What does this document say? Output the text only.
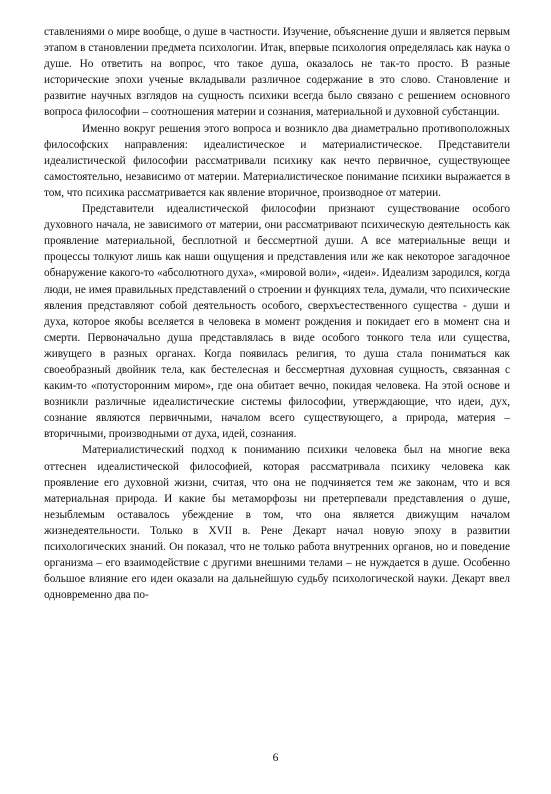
ставлениями о мире вообще, о душе в частности. Изучение, объяснение души и является первым этапом в становлении предмета психологии. Итак, впервые психология определялась как наука о душе. Но ответить на вопрос, что такое душа, оказалось не так-то просто. В разные исторические эпохи ученые вкладывали различное содержание в это слово. Становление и развитие научных взглядов на сущность психики всегда было связано с решением основного вопроса философии – соотношения материи и сознания, материальной и духовной субстанции.

Именно вокруг решения этого вопроса и возникло два диаметрально противоположных философских направления: идеалистическое и материалистическое. Представители идеалистической философии рассматривали психику как нечто первичное, существующее самостоятельно, независимо от материи. Материалистическое понимание психики выражается в том, что психика рассматривается как явление вторичное, производное от материи.

Представители идеалистической философии признают существование особого духовного начала, не зависимого от материи, они рассматривают психическую деятельность как проявление материальной, бесплотной и бессмертной души. А все материальные вещи и процессы толкуют лишь как наши ощущения и представления или же как некоторое загадочное обнаружение какого-то «абсолютного духа», «мировой воли», «идеи». Идеализм зародился, когда люди, не имея правильных представлений о строении и функциях тела, думали, что психические явления представляют собой деятельность особого, сверхъестественного существа - души и духа, которое якобы вселяется в человека в момент рождения и покидает его в момент сна и смерти. Первоначально душа представлялась в виде особого тонкого тела или существа, живущего в разных органах. Когда появилась религия, то душа стала пониматься как своеобразный двойник тела, как бестелесная и бессмертная духовная сущность, связанная с каким-то «потусторонним миром», где она обитает вечно, покидая человека. На этой основе и возникли различные идеалистические системы философии, утверждающие, что идеи, дух, сознание являются первичными, началом всего существующего, а природа, материя – вторичными, производными от духа, идей, сознания.

Материалистический подход к пониманию психики человека был на многие века оттеснен идеалистической философией, которая рассматривала психику человека как проявление его духовной жизни, считая, что она не подчиняется тем же законам, что и вся материальная природа. И какие бы метаморфозы ни претерпевали представления о душе, незыблемым оставалось убеждение в том, что она является движущим началом жизнедеятельности. Только в XVII в. Рене Декарт начал новую эпоху в развитии психологических знаний. Он показал, что не только работа внутренних органов, но и поведение организма – его взаимодействие с другими внешними телами – не нуждается в душе. Особенно большое влияние его идеи оказали на дальнейшую судьбу психологической науки. Декарт ввел одновременно два по-

6
